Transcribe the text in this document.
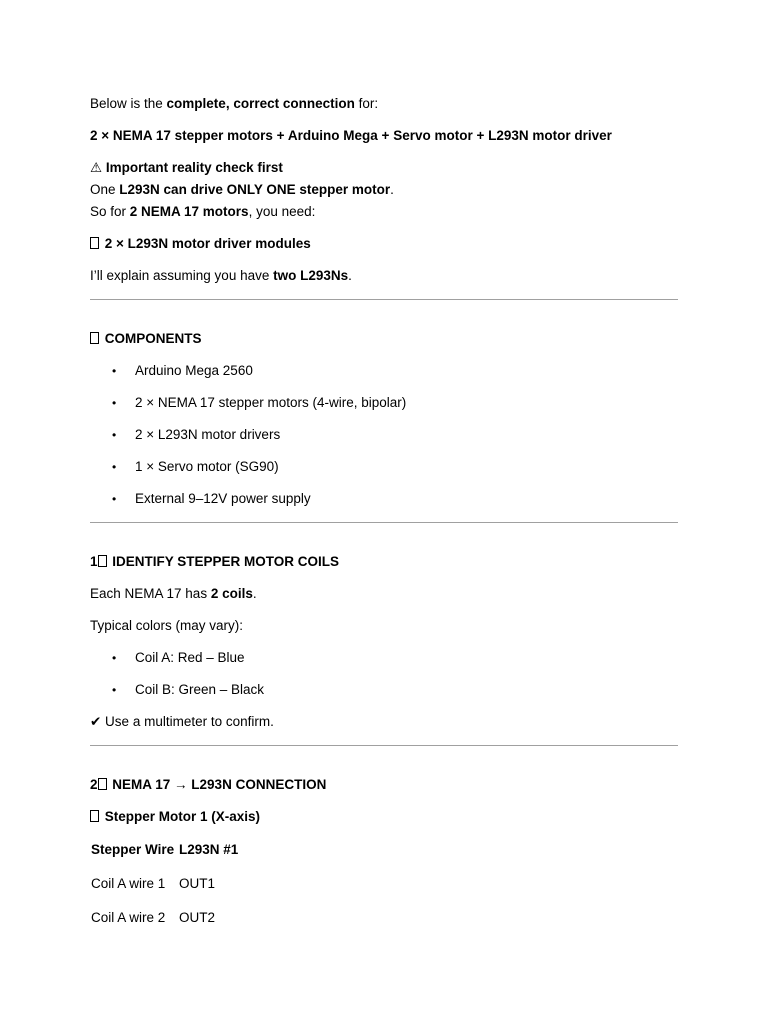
Below is the complete, correct connection for:

2 × NEMA 17 stepper motors + Arduino Mega + Servo motor + L293N motor driver

⚠ Important reality check first

One L293N can drive ONLY ONE stepper motor.

So for 2 NEMA 17 motors, you need:

2 × L293N motor driver modules

I’ll explain assuming you have two L293Ns.

COMPONENTS

• Arduino Mega 2560
• 2 × NEMA 17 stepper motors (4-wire, bipolar)
• 2 × L293N motor drivers
• 1 × Servo motor (SG90)
• External 9–12V power supply

1 IDENTIFY STEPPER MOTOR COILS

Each NEMA 17 has 2 coils.

Typical colors (may vary):

• Coil A: Red – Blue
• Coil B: Green – Black

✔ Use a multimeter to confirm.

2 NEMA 17 → L293N CONNECTION

Stepper Motor 1 (X-axis)

Stepper Wire L293N #1
Coil A wire 1	OUT1
Coil A wire 2	OUT2
